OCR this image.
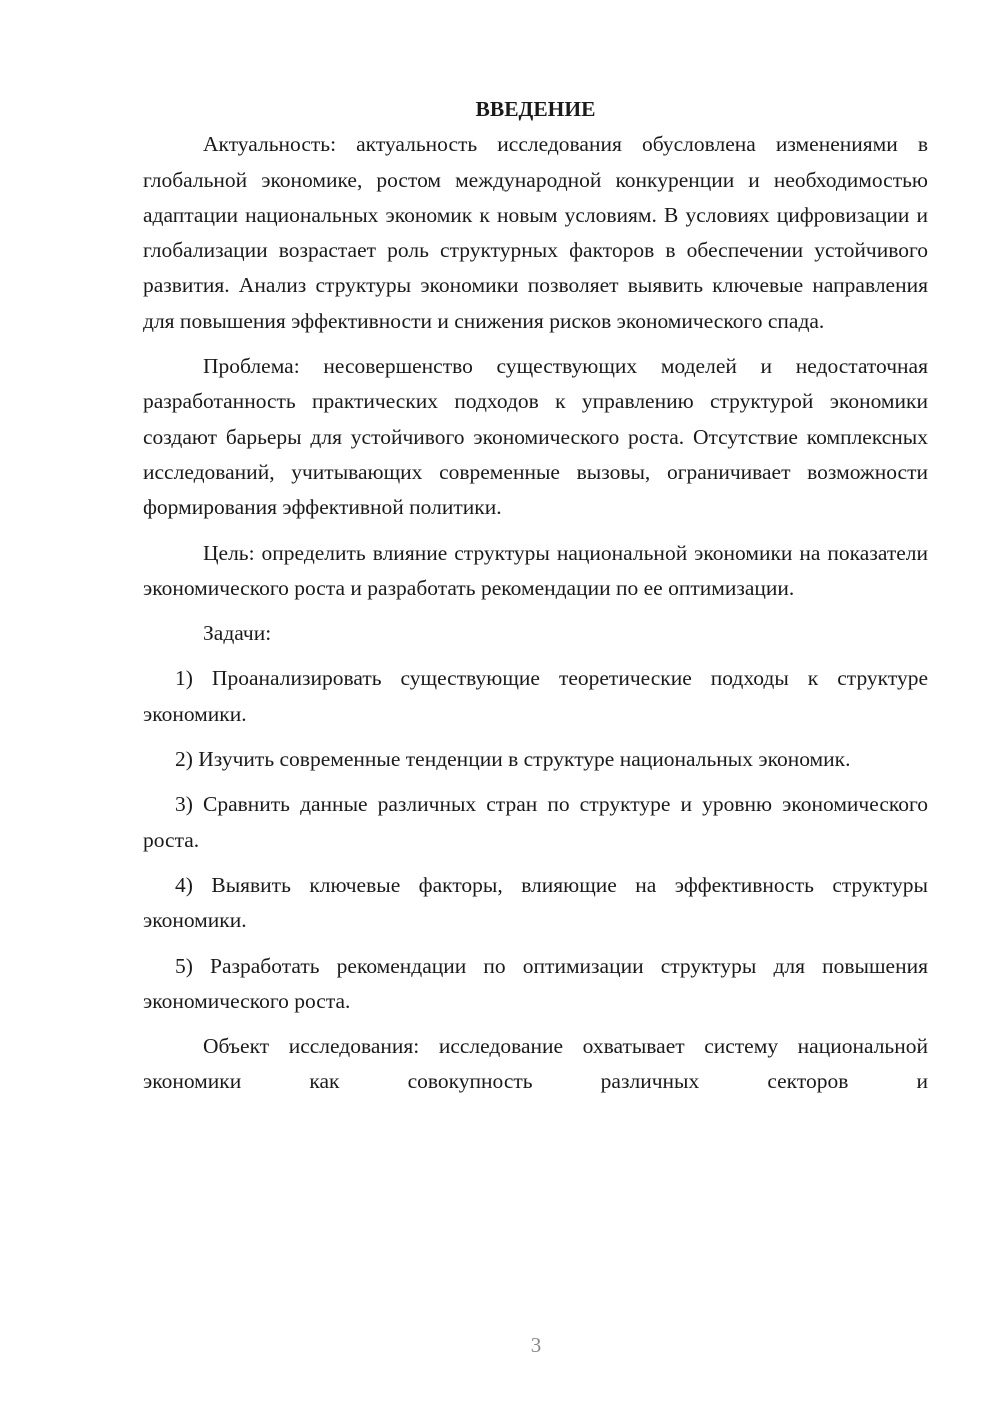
ВВЕДЕНИЕ

Актуальность: актуальность исследования обусловлена изменениями в глобальной экономике, ростом международной конкуренции и необходимостью адаптации национальных экономик к новым условиям. В условиях цифровизации и глобализации возрастает роль структурных факторов в обеспечении устойчивого развития. Анализ структуры экономики позволяет выявить ключевые направления для повышения эффективности и снижения рисков экономического спада.

Проблема: несовершенство существующих моделей и недостаточная разработанность практических подходов к управлению структурой экономики создают барьеры для устойчивого экономического роста. Отсутствие комплексных исследований, учитывающих современные вызовы, ограничивает возможности формирования эффективной политики.

Цель: определить влияние структуры национальной экономики на показатели экономического роста и разработать рекомендации по ее оптимизации.

Задачи:

1) Проанализировать существующие теоретические подходы к структуре экономики.

2) Изучить современные тенденции в структуре национальных экономик.

3) Сравнить данные различных стран по структуре и уровню экономического роста.

4) Выявить ключевые факторы, влияющие на эффективность структуры экономики.

5) Разработать рекомендации по оптимизации структуры для повышения экономического роста.

Объект исследования: исследование охватывает систему национальной экономики как совокупность различных секторов и

3
